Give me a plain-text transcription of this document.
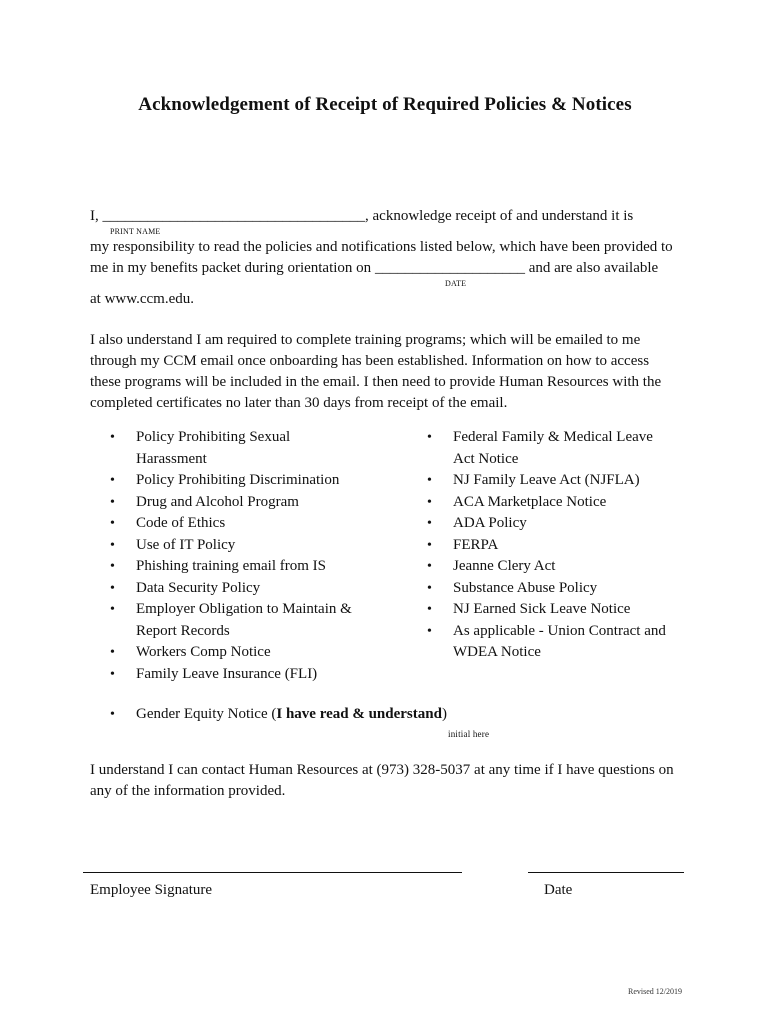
Acknowledgement of Receipt of Required Policies & Notices
I, ___________________________________, acknowledge receipt of and understand it is
PRINT NAME
my responsibility to read the policies and notifications listed below, which have been provided to
me in my benefits packet during orientation on ____________________ and are also available
DATE
at www.ccm.edu.
I also understand I am required to complete training programs; which will be emailed to me
through my CCM email once onboarding has been established. Information on how to access
these programs will be included in the email. I then need to provide Human Resources with the
completed certificates no later than 30 days from receipt of the email.
• Policy Prohibiting Sexual Harassment
• Policy Prohibiting Discrimination
• Drug and Alcohol Program
• Code of Ethics
• Use of IT Policy
• Phishing training email from IS
• Data Security Policy
• Employer Obligation to Maintain & Report Records
• Workers Comp Notice
• Family Leave Insurance (FLI)
• Federal Family & Medical Leave Act Notice
• NJ Family Leave Act (NJFLA)
• ACA Marketplace Notice
• ADA Policy
• FERPA
• Jeanne Clery Act
• Substance Abuse Policy
• NJ Earned Sick Leave Notice
• As applicable - Union Contract and WDEA Notice
• Gender Equity Notice (I have read & understand)
initial here
I understand I can contact Human Resources at (973) 328-5037 at any time if I have questions on
any of the information provided.
Employee Signature	Date
Revised 12/2019
